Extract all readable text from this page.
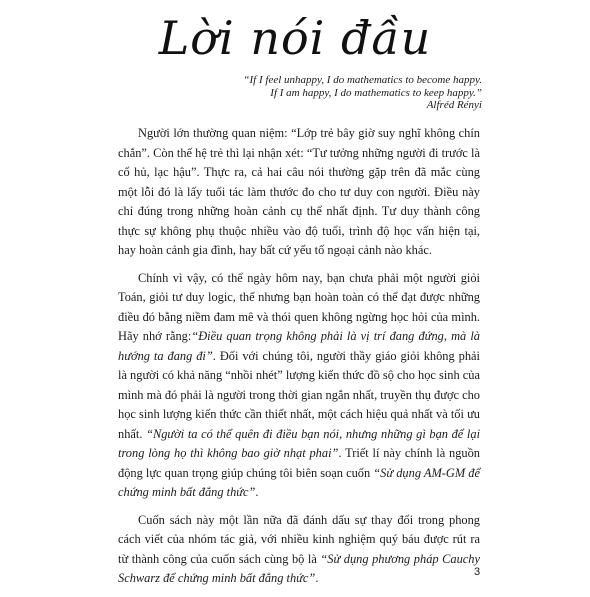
Lời nói đầu
“If I feel unhappy, I do mathematics to become happy.
If I am happy, I do mathematics to keep happy.”
Alfréd Rényi

Người lớn thường quan niệm: “Lớp trẻ bây giờ suy nghĩ không chín chắn”. Còn thế hệ trẻ thì lại nhận xét: “Tư tưởng những người đi trước là cổ hủ, lạc hậu”. Thực ra, cả hai câu nói thường gặp trên đã mắc cùng một lỗi đó là lấy tuổi tác làm thước đo cho tư duy con người. Điều này chỉ đúng trong những hoàn cảnh cụ thể nhất định. Tư duy thành công thực sự không phụ thuộc nhiều vào độ tuổi, trình độ học vấn hiện tại, hay hoàn cảnh gia đình, hay bất cứ yếu tố ngoại cảnh nào khác.

Chính vì vậy, có thể ngày hôm nay, bạn chưa phải một người giỏi Toán, giỏi tư duy logic, thế nhưng bạn hoàn toàn có thể đạt được những điều đó bằng niềm đam mê và thói quen không ngừng học hỏi của mình. Hãy nhớ rằng:“Điều quan trọng không phải là vị trí đang đứng, mà là hướng ta đang đi”. Đối với chúng tôi, người thầy giáo giỏi không phải là người có khả năng “nhồi nhét” lượng kiến thức đồ sộ cho học sinh của mình mà đó phải là người trong thời gian ngắn nhất, truyền thụ được cho học sinh lượng kiến thức cần thiết nhất, một cách hiệu quả nhất và tối ưu nhất. “Người ta có thể quên đi điều bạn nói, nhưng những gì bạn để lại trong lòng họ thì không bao giờ nhạt phai”. Triết lí này chính là nguồn động lực quan trọng giúp chúng tôi biên soạn cuốn “Sử dụng AM-GM để chứng minh bất đẳng thức”.

Cuốn sách này một lần nữa đã đánh dấu sự thay đổi trong phong cách viết của nhóm tác giả, với nhiều kinh nghiệm quý báu được rút ra từ thành công của cuốn sách cùng bộ là “Sử dụng phương pháp Cauchy Schwarz để chứng minh bất đẳng thức”.	3
